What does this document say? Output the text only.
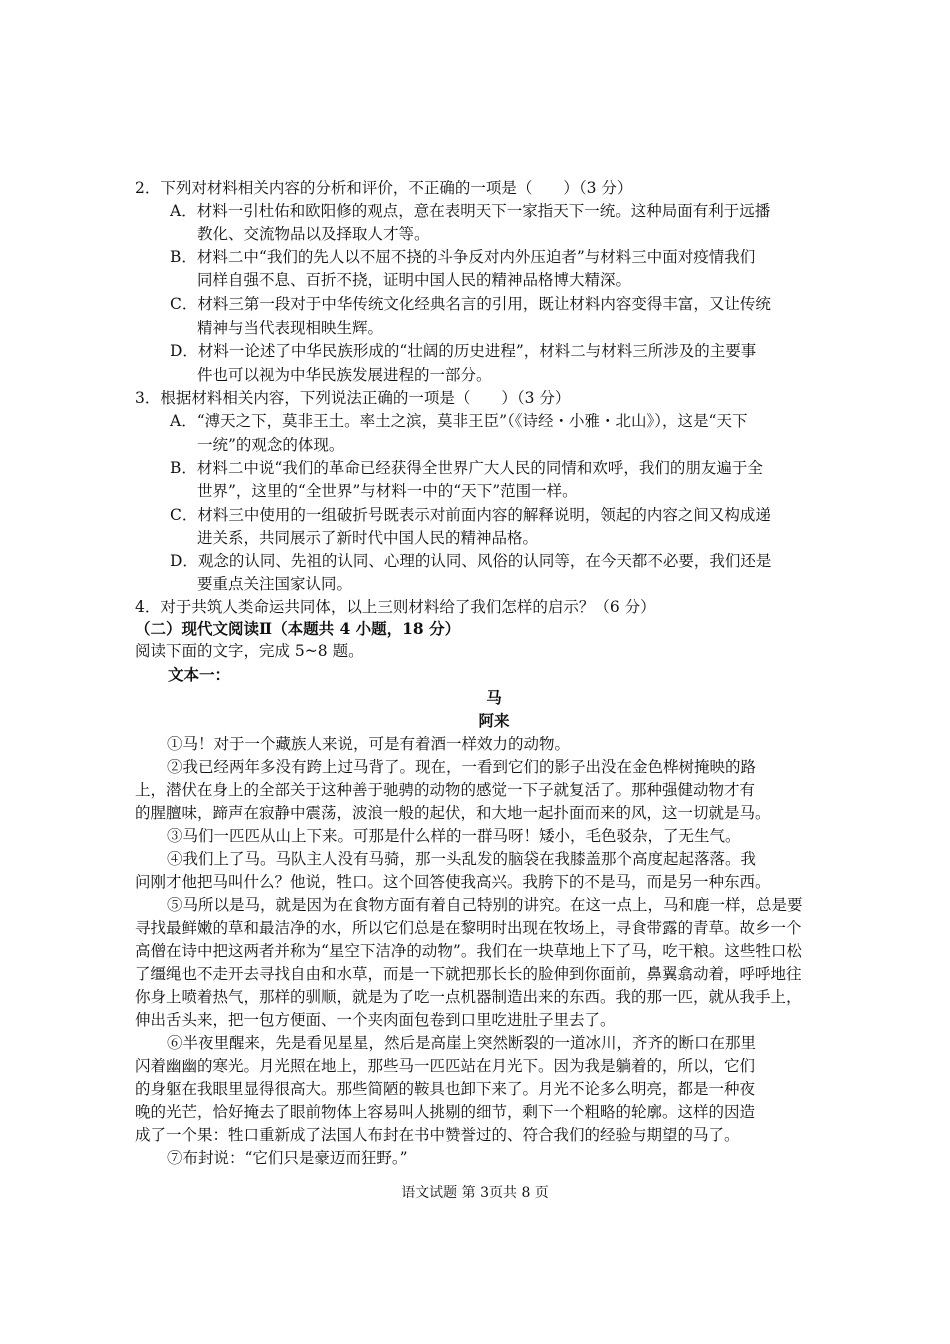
2．下列对材料相关内容的分析和评价，不正确的一项是（　　）（3 分）
A．材料一引杜佑和欧阳修的观点，意在表明天下一家指天下一统。这种局面有利于远播
教化、交流物品以及择取人才等。
B．材料二中“我们的先人以不屈不挠的斗争反对内外压迫者”与材料三中面对疫情我们
同样自强不息、百折不挠，证明中国人民的精神品格博大精深。
C．材料三第一段对于中华传统文化经典名言的引用，既让材料内容变得丰富，又让传统
精神与当代表现相映生辉。
D．材料一论述了中华民族形成的“壮阔的历史进程”，材料二与材料三所涉及的主要事
件也可以视为中华民族发展进程的一部分。
3．根据材料相关内容，下列说法正确的一项是（　　）（3 分）
A．“溥天之下，莫非王土。率土之滨，莫非王臣”（《诗经・小雅・北山》），这是“天下
一统”的观念的体现。
B．材料二中说“我们的革命已经获得全世界广大人民的同情和欢呼，我们的朋友遍于全
世界”，这里的“全世界”与材料一中的“天下”范围一样。
C．材料三中使用的一组破折号既表示对前面内容的解释说明，领起的内容之间又构成递
进关系，共同展示了新时代中国人民的精神品格。
D．观念的认同、先祖的认同、心理的认同、风俗的认同等，在今天都不必要，我们还是
要重点关注国家认同。
4．对于共筑人类命运共同体，以上三则材料给了我们怎样的启示？（6 分）
（二）现代文阅读Ⅱ（本题共 4 小题，18 分）
阅读下面的文字，完成 5~8 题。
文本一：
马
阿来
①马！对于一个藏族人来说，可是有着酒一样效力的动物。
②我已经两年多没有跨上过马背了。现在，一看到它们的影子出没在金色桦树掩映的路
上，潜伏在身上的全部关于这种善于驰骋的动物的感觉一下子就复活了。那种强健动物才有
的腥膻味，蹄声在寂静中震荡，波浪一般的起伏，和大地一起扑面而来的风，这一切就是马。
③马们一匹匹从山上下来。可那是什么样的一群马呀！矮小，毛色驳杂，了无生气。
④我们上了马。马队主人没有马骑，那一头乱发的脑袋在我膝盖那个高度起起落落。我
问刚才他把马叫什么？他说，牲口。这个回答使我高兴。我胯下的不是马，而是另一种东西。
⑤马所以是马，就是因为在食物方面有着自己特别的讲究。在这一点上，马和鹿一样，总是要
寻找最鲜嫩的草和最洁净的水，所以它们总是在黎明时出现在牧场上，寻食带露的青草。故乡一个
高僧在诗中把这两者并称为“星空下洁净的动物”。我们在一块草地上下了马，吃干粮。这些牲口松
了缰绳也不走开去寻找自由和水草，而是一下就把那长长的脸伸到你面前，鼻翼翕动着，呼呼地往
你身上喷着热气，那样的驯顺，就是为了吃一点机器制造出来的东西。我的那一匹，就从我手上，
伸出舌头来，把一包方便面、一个夹肉面包卷到口里吃进肚子里去了。
⑥半夜里醒来，先是看见星星，然后是高崖上突然断裂的一道冰川，齐齐的断口在那里
闪着幽幽的寒光。月光照在地上，那些马一匹匹站在月光下。因为我是躺着的，所以，它们
的身躯在我眼里显得很高大。那些简陋的鞍具也卸下来了。月光不论多么明亮，都是一种夜
晚的光芒，恰好掩去了眼前物体上容易叫人挑剔的细节，剩下一个粗略的轮廓。这样的因造
成了一个果：牲口重新成了法国人布封在书中赞誉过的、符合我们的经验与期望的马了。
⑦布封说：“它们只是豪迈而狂野。”
语文试题 第 3页共 8 页
